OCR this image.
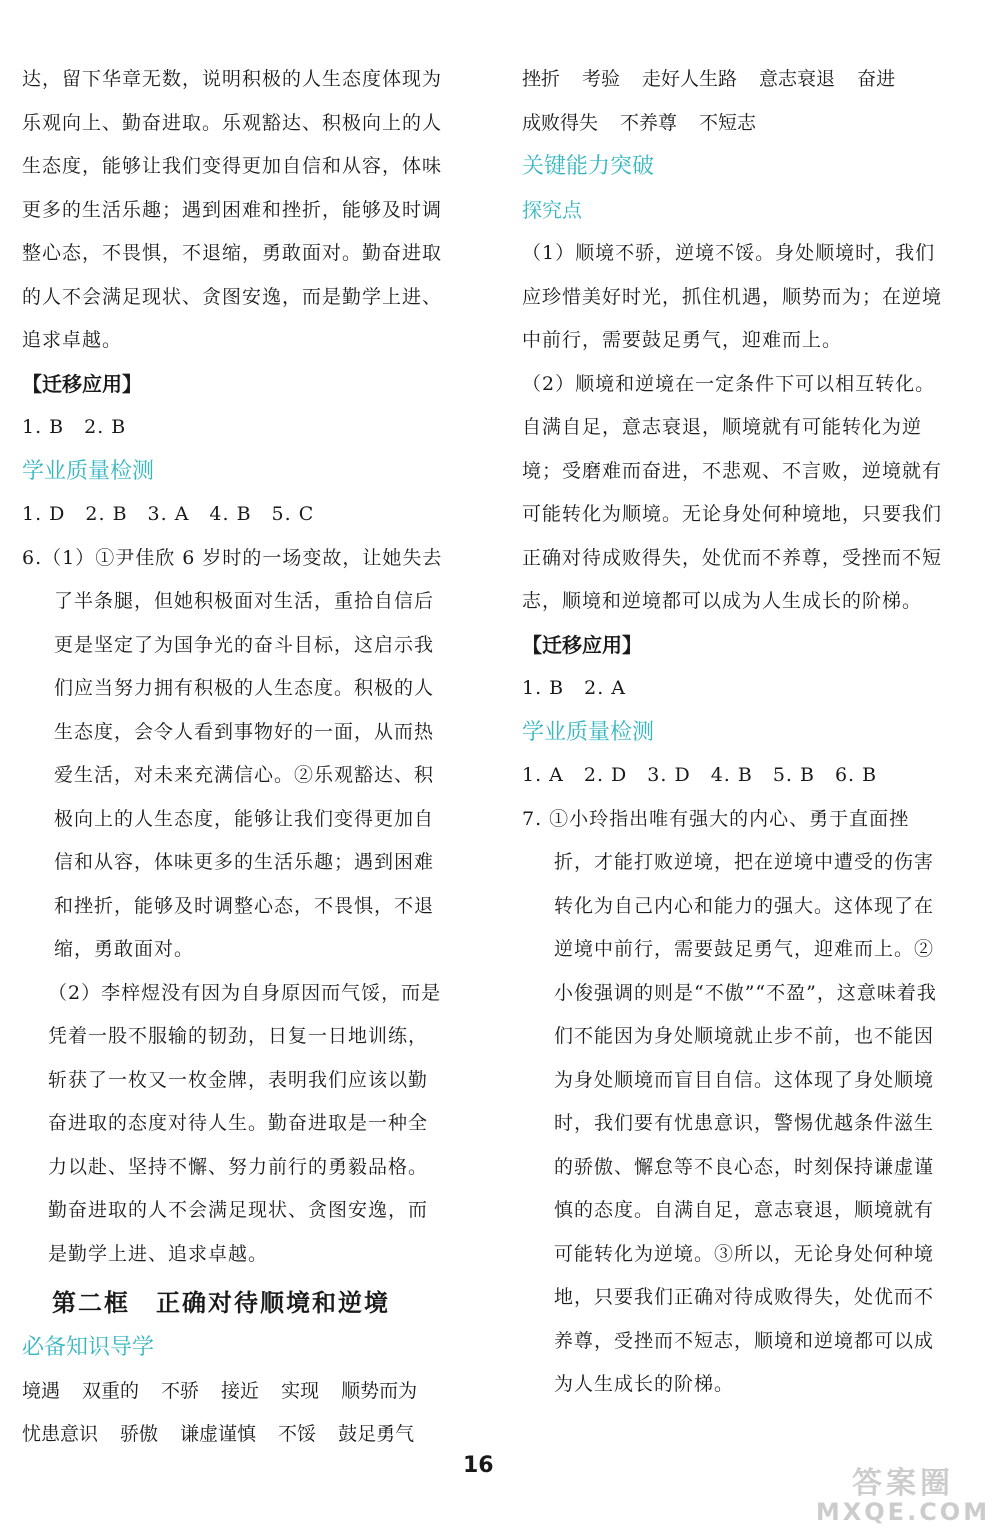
达，留下华章无数，说明积极的人生态度体现为乐观向上、勤奋进取。乐观豁达、积极向上的人生态度，能够让我们变得更加自信和从容，体味更多的生活乐趣；遇到困难和挫折，能够及时调整心态，不畏惧，不退缩，勇敢面对。勤奋进取的人不会满足现状、贪图安逸，而是勤学上进、追求卓越。

【迁移应用】

1. B　2. B

学业质量检测

1. D　2. B　3. A　4. B　5. C

6.（1）①尹佳欣 6 岁时的一场变故，让她失去了半条腿，但她积极面对生活，重拾自信后更是坚定了为国争光的奋斗目标，这启示我们应当努力拥有积极的人生态度。积极的人生态度，会令人看到事物好的一面，从而热爱生活，对未来充满信心。②乐观豁达、积极向上的人生态度，能够让我们变得更加自信和从容，体味更多的生活乐趣；遇到困难和挫折，能够及时调整心态，不畏惧，不退缩，勇敢面对。

（2）李梓煜没有因为自身原因而气馁，而是凭着一股不服输的韧劲，日复一日地训练，斩获了一枚又一枚金牌，表明我们应该以勤奋进取的态度对待人生。勤奋进取是一种全力以赴、坚持不懈、努力前行的勇毅品格。勤奋进取的人不会满足现状、贪图安逸，而是勤学上进、追求卓越。

第二框　正确对待顺境和逆境

必备知识导学

境遇 双重的 不骄 接近 实现 顺势而为

忧患意识 骄傲 谦虚谨慎 不馁 鼓足勇气

挫折 考验 走好人生路 意志衰退 奋进

成败得失 不养尊 不短志

关键能力突破

探究点

（1）顺境不骄，逆境不馁。身处顺境时，我们应珍惜美好时光，抓住机遇，顺势而为；在逆境中前行，需要鼓足勇气，迎难而上。

（2）顺境和逆境在一定条件下可以相互转化。自满自足，意志衰退，顺境就有可能转化为逆境；受磨难而奋进，不悲观、不言败，逆境就有可能转化为顺境。无论身处何种境地，只要我们正确对待成败得失，处优而不养尊，受挫而不短志，顺境和逆境都可以成为人生成长的阶梯。

【迁移应用】

1. B　2. A

学业质量检测

1. A　2. D　3. D　4. B　5. B　6. B

7. ①小玲指出唯有强大的内心、勇于直面挫折，才能打败逆境，把在逆境中遭受的伤害转化为自己内心和能力的强大。这体现了在逆境中前行，需要鼓足勇气，迎难而上。②小俊强调的则是“不傲”“不盈”，这意味着我们不能因为身处顺境就止步不前，也不能因为身处顺境而盲目自信。这体现了身处顺境时，我们要有忧患意识，警惕优越条件滋生的骄傲、懈怠等不良心态，时刻保持谦虚谨慎的态度。自满自足，意志衰退，顺境就有可能转化为逆境。③所以，无论身处何种境地，只要我们正确对待成败得失，处优而不养尊，受挫而不短志，顺境和逆境都可以成为人生成长的阶梯。

16
答案圈
MXQE.COM
